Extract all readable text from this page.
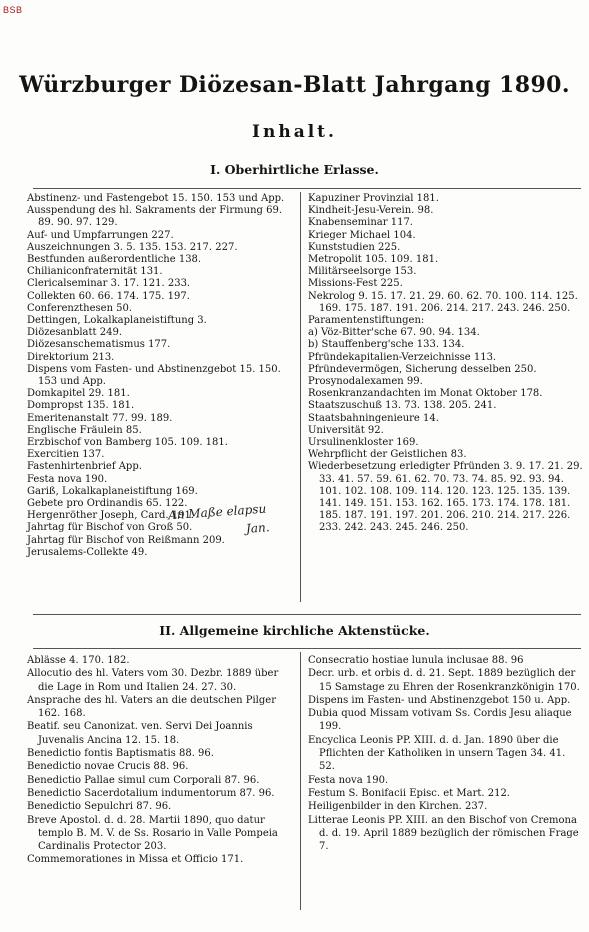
BSB
Würzburger Diözesan-Blatt Jahrgang 1890.
Inhalt.
I. Oberhirtliche Erlasse.
Abstinenz- und Fastengebot 15. 150. 153 und App.
Ausspendung des hl. Sakraments der Firmung 69. 89. 90. 97. 129.
Auf- und Umpfarrungen 227.
Auszeichnungen 3. 5. 135. 153. 217. 227.
Bestfunden außerordentliche 138.
Chilianiconfraternität 131.
Clericalseminar 3. 17. 121. 233.
Collekten 60. 66. 174. 175. 197.
Conferenzthesen 50.
Dettingen, Lokalkaplaneistiftung 3.
Diözesanblatt 249.
Diözesanschematismus 177.
Direktorium 213.
Dispens vom Fasten- und Abstinenzgebot 15. 150. 153 und App.
Domkapitel 29. 181.
Dompropst 135. 181.
Emeritenanstalt 77. 99. 189.
Englische Fräulein 85.
Erzbischof von Bamberg 105. 109. 181.
Exercitien 137.
Fastenhirtenbrief App.
Festa nova 190.
Gariß, Lokalkaplaneistiftung 169.
Gebete pro Ordinandis 65. 122.
Hergenröther Joseph, Card. 191.
Jahrtag für Bischof von Groß 50.
Jahrtag für Bischof von Reißmann 209.
Jerusalems-Collekte 49.
Kapuziner Provinzial 181.
Kindheit-Jesu-Verein. 98.
Knabenseminar 117.
Krieger Michael 104.
Kunststudien 225.
Metropolit 105. 109. 181.
Militärseelsorge 153.
Missions-Fest 225.
Nekrolog 9. 15. 17. 21. 29. 60. 62. 70. 100. 114. 125. 169. 175. 187. 191. 206. 214. 217. 243. 246. 250.
Paramentenstiftungen:
a) Vöz-Bitter'sche 67. 90. 94. 134.
b) Stauffenberg'sche 133. 134.
Pfründekapitalien-Verzeichnisse 113.
Pfründevermögen, Sicherung desselben 250.
Prosynodalexamen 99.
Rosenkranzandachten im Monat Oktober 178.
Staatszuschuß 13. 73. 138. 205. 241.
Staatsbahningenieure 14.
Universität 92.
Ursulinenkloster 169.
Wehrpflicht der Geistlichen 83.
Wiederbesetzung erledigter Pfründen 3. 9. 17. 21. 29. 33. 41. 57. 59. 61. 62. 70. 73. 74. 85. 92. 93. 94. 101. 102. 108. 109. 114. 120. 123. 125. 135. 139. 141. 149. 151. 153. 162. 165. 173. 174. 178. 181. 185. 187. 191. 197. 201. 206. 210. 214. 217. 226. 233. 242. 243. 245. 246. 250.
An Maße elapsu
Jan.
II. Allgemeine kirchliche Aktenstücke.
Ablässe 4. 170. 182.
Allocutio des hl. Vaters vom 30. Dezbr. 1889 über die Lage in Rom und Italien 24. 27. 30.
Ansprache des hl. Vaters an die deutschen Pilger 162. 168.
Beatif. seu Canonizat. ven. Servi Dei Joannis Juvenalis Ancina 12. 15. 18.
Benedictio fontis Baptismatis 88. 96.
Benedictio novae Crucis 88. 96.
Benedictio Pallae simul cum Corporali 87. 96.
Benedictio Sacerdotalium indumentorum 87. 96.
Benedictio Sepulchri 87. 96.
Breve Apostol. d. d. 28. Martii 1890, quo datur templo B. M. V. de Ss. Rosario in Valle Pompeia Cardinalis Protector 203.
Commemorationes in Missa et Officio 171.
Consecratio hostiae lunula inclusae 88. 96
Decr. urb. et orbis d. d. 21. Sept. 1889 bezüglich der 15 Samstage zu Ehren der Rosenkranzkönigin 170.
Dispens im Fasten- und Abstinenzgebot 150 u. App.
Dubia quod Missam votivam Ss. Cordis Jesu aliaque 199.
Encyclica Leonis PP. XIII. d. d. Jan. 1890 über die Pflichten der Katholiken in unsern Tagen 34. 41. 52.
Festa nova 190.
Festum S. Bonifacii Episc. et Mart. 212.
Heiligenbilder in den Kirchen. 237.
Litterae Leonis PP. XIII. an den Bischof von Cremona d. d. 19. April 1889 bezüglich der römischen Frage 7.
